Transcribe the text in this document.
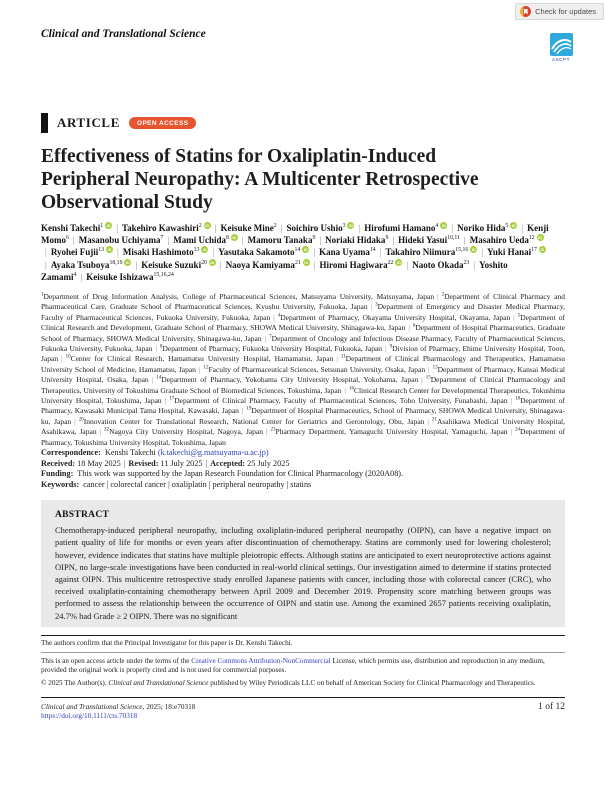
Check for updates
Clinical and Translational Science
ASCPT
ARTICLE	OPEN ACCESS
Effectiveness of Statins for Oxaliplatin-Induced
Peripheral Neuropathy: A Multicenter Retrospective
Observational Study
Kenshi Takechi$^1$ iD | Takehiro Kawashiri$^2$ iD | Keisuke Mine$^2$ | Soichiro Ushio$^3$ iD | Hirofumi Hamano$^4$ iD | Noriko Hida$^5$ iD | Kenji Momo$^6$ | Masanobu Uchiyama$^7$ | Mami Uchida$^8$ iD | Mamoru Tanaka$^9$ | Noriaki Hidaka$^9$ | Hideki Yasui$^{10,11}$ | Masahiro Ueda$^{12}$ iD| Ryohei Fujii$^{13}$ iD | Misaki Hashimoto$^{13}$ iD | Yasutaka Sakamoto$^{14}$ iD | Kana Uyama$^{14}$ | Takahiro Niimura$^{15,16}$ iD | Yuki Hanai$^{17}$ iD| Ayaka Tsuboya$^{18,19}$ iD | Keisuke Suzuki$^{20}$ iD | Naoya Kamiyama$^{21}$ iD | Hiromi Hagiwara$^{22}$ iD | Naoto Okada$^{23}$ | Yoshito Zamami$^4$ | Keisuke Ishizawa$^{15,16,24}$
$^1$Department of Drug Information Analysis, College of Pharmaceutical Sciences, Matsuyama University, Matsuyama, Japan | $^2$Department of Clinical Pharmacy and Pharmaceutical Care, Graduate School of Pharmaceutical Sciences, Kyushu University, Fukuoka, Japan | $^3$Department of Emergency and Disaster Medical Pharmacy, Faculty of Pharmaceutical Sciences, Fukuoka University, Fukuoka, Japan | $^4$Department of Pharmacy, Okayama University Hospital, Okayama, Japan | $^5$Department of Clinical Research and Development, Graduate School of Pharmacy, SHOWA Medical University, Shinagawa-ku, Japan | $^6$Department of Hospital Pharmaceutics, Graduate School of Pharmacy, SHOWA Medical University, Shinagawa-ku, Japan | $^7$Department of Oncology and Infectious Disease Pharmacy, Faculty of Pharmaceutical Sciences, Fukuoka University, Fukuoka, Japan | $^8$Department of Pharmacy, Fukuoka University Hospital, Fukuoka, Japan | $^9$Division of Pharmacy, Ehime University Hospital, Toon, Japan | $^{10}$Center for Clinical Research, Hamamatsu University Hospital, Hamamatsu, Japan | $^{11}$Department of Clinical Pharmacology and Therapeutics, Hamamatsu University School of Medicine, Hamamatsu, Japan | $^{12}$Faculty of Pharmaceutical Sciences, Setsunan University, Osaka, Japan | $^{13}$Department of Pharmacy, Kansai Medical University Hospital, Osaka, Japan | $^{14}$Department of Pharmacy, Yokohama City University Hospital, Yokohama, Japan | $^{15}$Department of Clinical Pharmacology and Therapeutics, University of Tokushima Graduate School of Biomedical Sciences, Tokushima, Japan | $^{16}$Clinical Research Center for Developmental Therapeutics, Tokushima University Hospital, Tokushima, Japan | $^{17}$Department of Clinical Pharmacy, Faculty of Pharmaceutical Sciences, Toho University, Funabashi, Japan | $^{18}$Department of Pharmacy, Kawasaki Municipal Tama Hospital, Kawasaki, Japan | $^{19}$Department of Hospital Pharmaceutics, School of Pharmacy, SHOWA Medical University, Shinagawa-ku, Japan | $^{20}$Innovation Center for Translational Research, National Center for Geriatrics and Gerontology, Obu, Japan | $^{21}$Asahikawa Medical University Hospital, Asahikawa, Japan | $^{22}$Nagoya City University Hospital, Nagoya, Japan | $^{23}$Pharmacy Department, Yamaguchi University Hospital, Yamaguchi, Japan | $^{24}$Department of Pharmacy, Tokushima University Hospital, Tokushima, Japan

Correspondence: Kenshi Takechi (k.takechi@g.matsuyama-u.ac.jp)

Received: 18 May 2025 | Revised: 11 July 2025 | Accepted: 25 July 2025

Funding: This work was supported by the Japan Research Foundation for Clinical Pharmacology (2020A08).

Keywords: cancer | colorectal cancer | oxaliplatin | peripheral neuropathy | statins

ABSTRACT
Chemotherapy-induced peripheral neuropathy, including oxaliplatin-induced peripheral neuropathy (OIPN), can have a negative impact on patient quality of life for months or even years after discontinuation of chemotherapy. Statins are commonly used for lowering cholesterol; however, evidence indicates that statins have multiple pleiotropic effects. Although statins are anticipated to exert neuroprotective actions against OIPN, no large-scale investigations have been conducted in real-world clinical settings. Our investigation aimed to determine if statins protected against OIPN. This multicentre retrospective study enrolled Japanese patients with cancer, including those with colorectal cancer (CRC), who received oxaliplatin-containing chemotherapy between April 2009 and December 2019. Propensity score matching between groups was performed to assess the relationship between the occurrence of OIPN and statin use. Among the examined 2657 patients receiving oxaliplatin, 24.7% had Grade ≥ 2 OIPN. There was no significant

The authors confirm that the Principal Investigator for this paper is Dr. Kenshi Takechi.

This is an open access article under the terms of the Creative Commons Attribution-NonCommercial License, which permits use, distribution and reproduction in any medium, provided the original work is properly cited and is not used for commercial purposes.

© 2025 The Author(s). Clinical and Translational Science published by Wiley Periodicals LLC on behalf of American Society for Clinical Pharmacology and Therapeutics.

Clinical and Translational Science, 2025; 18:e70318
https://doi.org/10.1111/cts.70318
1 of 12
